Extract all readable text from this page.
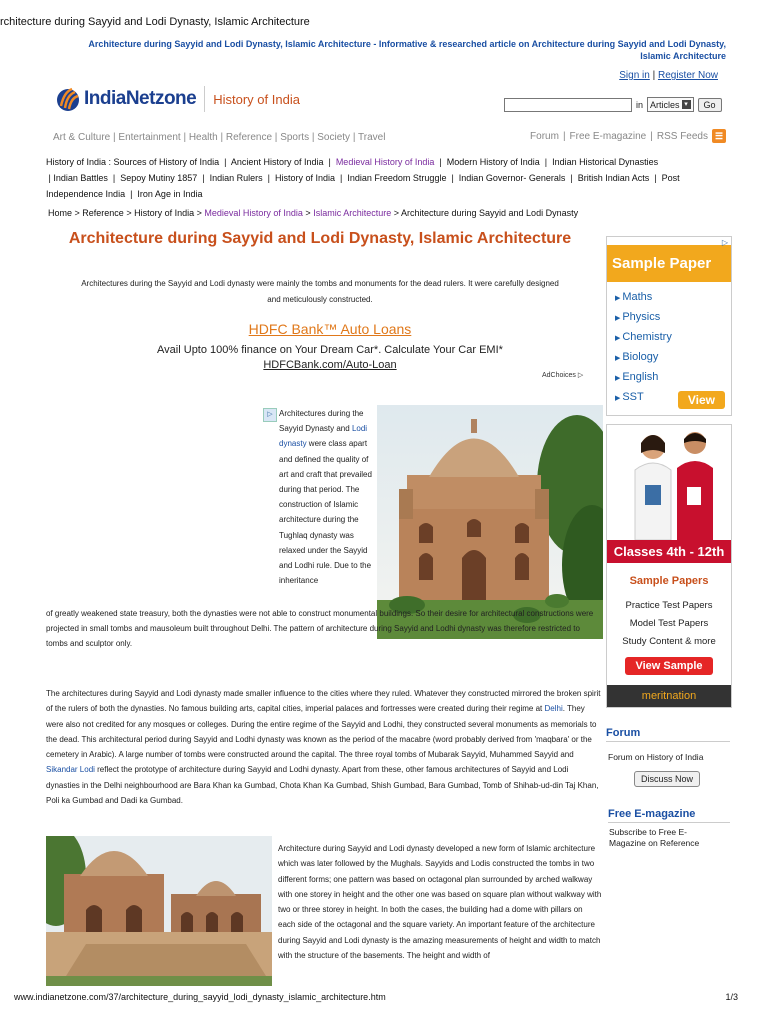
rchitecture during Sayyid and Lodi Dynasty, Islamic Architecture
Architecture during Sayyid and Lodi Dynasty, Islamic Architecture - Informative & researched article on Architecture during Sayyid and Lodi Dynasty, Islamic Architecture
Sign in | Register Now
IndiaNetzone History of India	in Articles ▾	Go
Art & Culture | Entertainment | Health | Reference | Sports | Society | Travel	Forum | Free E-magazine | RSS Feeds ☰
History of India : Sources of History of India  |  Ancient History of India  |  Medieval History of India  |  Modern History of India  |  Indian Historical Dynasties
| Indian Battles  |  Sepoy Mutiny 1857  |  Indian Rulers  |  History of India  |  Indian Freedom Struggle  |  Indian Governor- Generals  |  British Indian Acts  |  Post Independence India  |  Iron Age in India
Home > Reference > History of India > Medieval History of India > Islamic Architecture > Architecture during Sayyid and Lodi Dynasty
Architecture during Sayyid and Lodi Dynasty, Islamic Architecture
Architectures during the Sayyid and Lodi dynasty were mainly the tombs and monuments for the dead rulers. It were carefully designed and meticulously constructed.
HDFC Bank™ Auto Loans
Avail Upto 100% finance on Your Dream Car*. Calculate Your Car EMI*
HDFCBank.com/Auto-Loan
AdChoices ▷
▷ Architectures during the Sayyid Dynasty and Lodi dynasty were class apart and defined the quality of art and craft that prevailed during that period. The construction of Islamic architecture during the Tughlaq dynasty was relaxed under the Sayyid and Lodhi rule. Due to the inheritance
of greatly weakened state treasury, both the dynasties were not able to construct monumental buildings. So their desire for architectural constructions were projected in small tombs and mausoleum built throughout Delhi. The pattern of architecture during Sayyid and Lodhi dynasty was therefore restricted to tombs and sculptor only.
The architectures during Sayyid and Lodi dynasty made smaller influence to the cities where they ruled. Whatever they constructed mirrored the broken spirit of the rulers of both the dynasties. No famous building arts, capital cities, imperial palaces and fortresses were created during their regime at Delhi. They were also not credited for any mosques or colleges. During the entire regime of the Sayyid and Lodhi, they constructed several monuments as memorials to the dead. This architectural period during Sayyid and Lodhi dynasty was known as the period of the macabre (word probably derived from 'maqbara' or the cemetery in Arabic). A large number of tombs were constructed around the capital. The three royal tombs of Mubarak Sayyid, Muhammed Sayyid and Sikandar Lodi reflect the prototype of architecture during Sayyid and Lodhi dynasty. Apart from these, other famous architectures of Sayyid and Lodi dynasties in the Delhi neighbourhood are Bara Khan ka Gumbad, Chota Khan Ka Gumbad, Shish Gumbad, Bara Gumbad, Tomb of Shihab-ud-din Taj Khan, Poli ka Gumbad and Dadi ka Gumbad.
Architecture during Sayyid and Lodi dynasty developed a new form of Islamic architecture which was later followed by the Mughals. Sayyids and Lodis constructed the tombs in two different forms; one pattern was based on octagonal plan surrounded by arched walkway with one storey in height and the other one was based on square plan without walkway with two or three storey in height. In both the cases, the building had a dome with pillars on each side of the octagonal and the square variety. An important feature of the architecture during Sayyid and Lodi dynasty is the amazing measurements of height and width to match with the structure of the basements. The height and width of
▷
Sample Paper
▶ Maths
▶ Physics
▶ Chemistry
▶ Biology
▶ English
▶ SST	View
Classes 4th - 12th
Sample Papers
Practice Test Papers
Model Test Papers
Study Content & more
View Sample
meritnation
Forum
Forum on History of India
Discuss Now
Free E-magazine
Subscribe to Free E-Magazine on Reference
www.indianetzone.com/37/architecture_during_sayyid_lodi_dynasty_islamic_architecture.htm	1/3
